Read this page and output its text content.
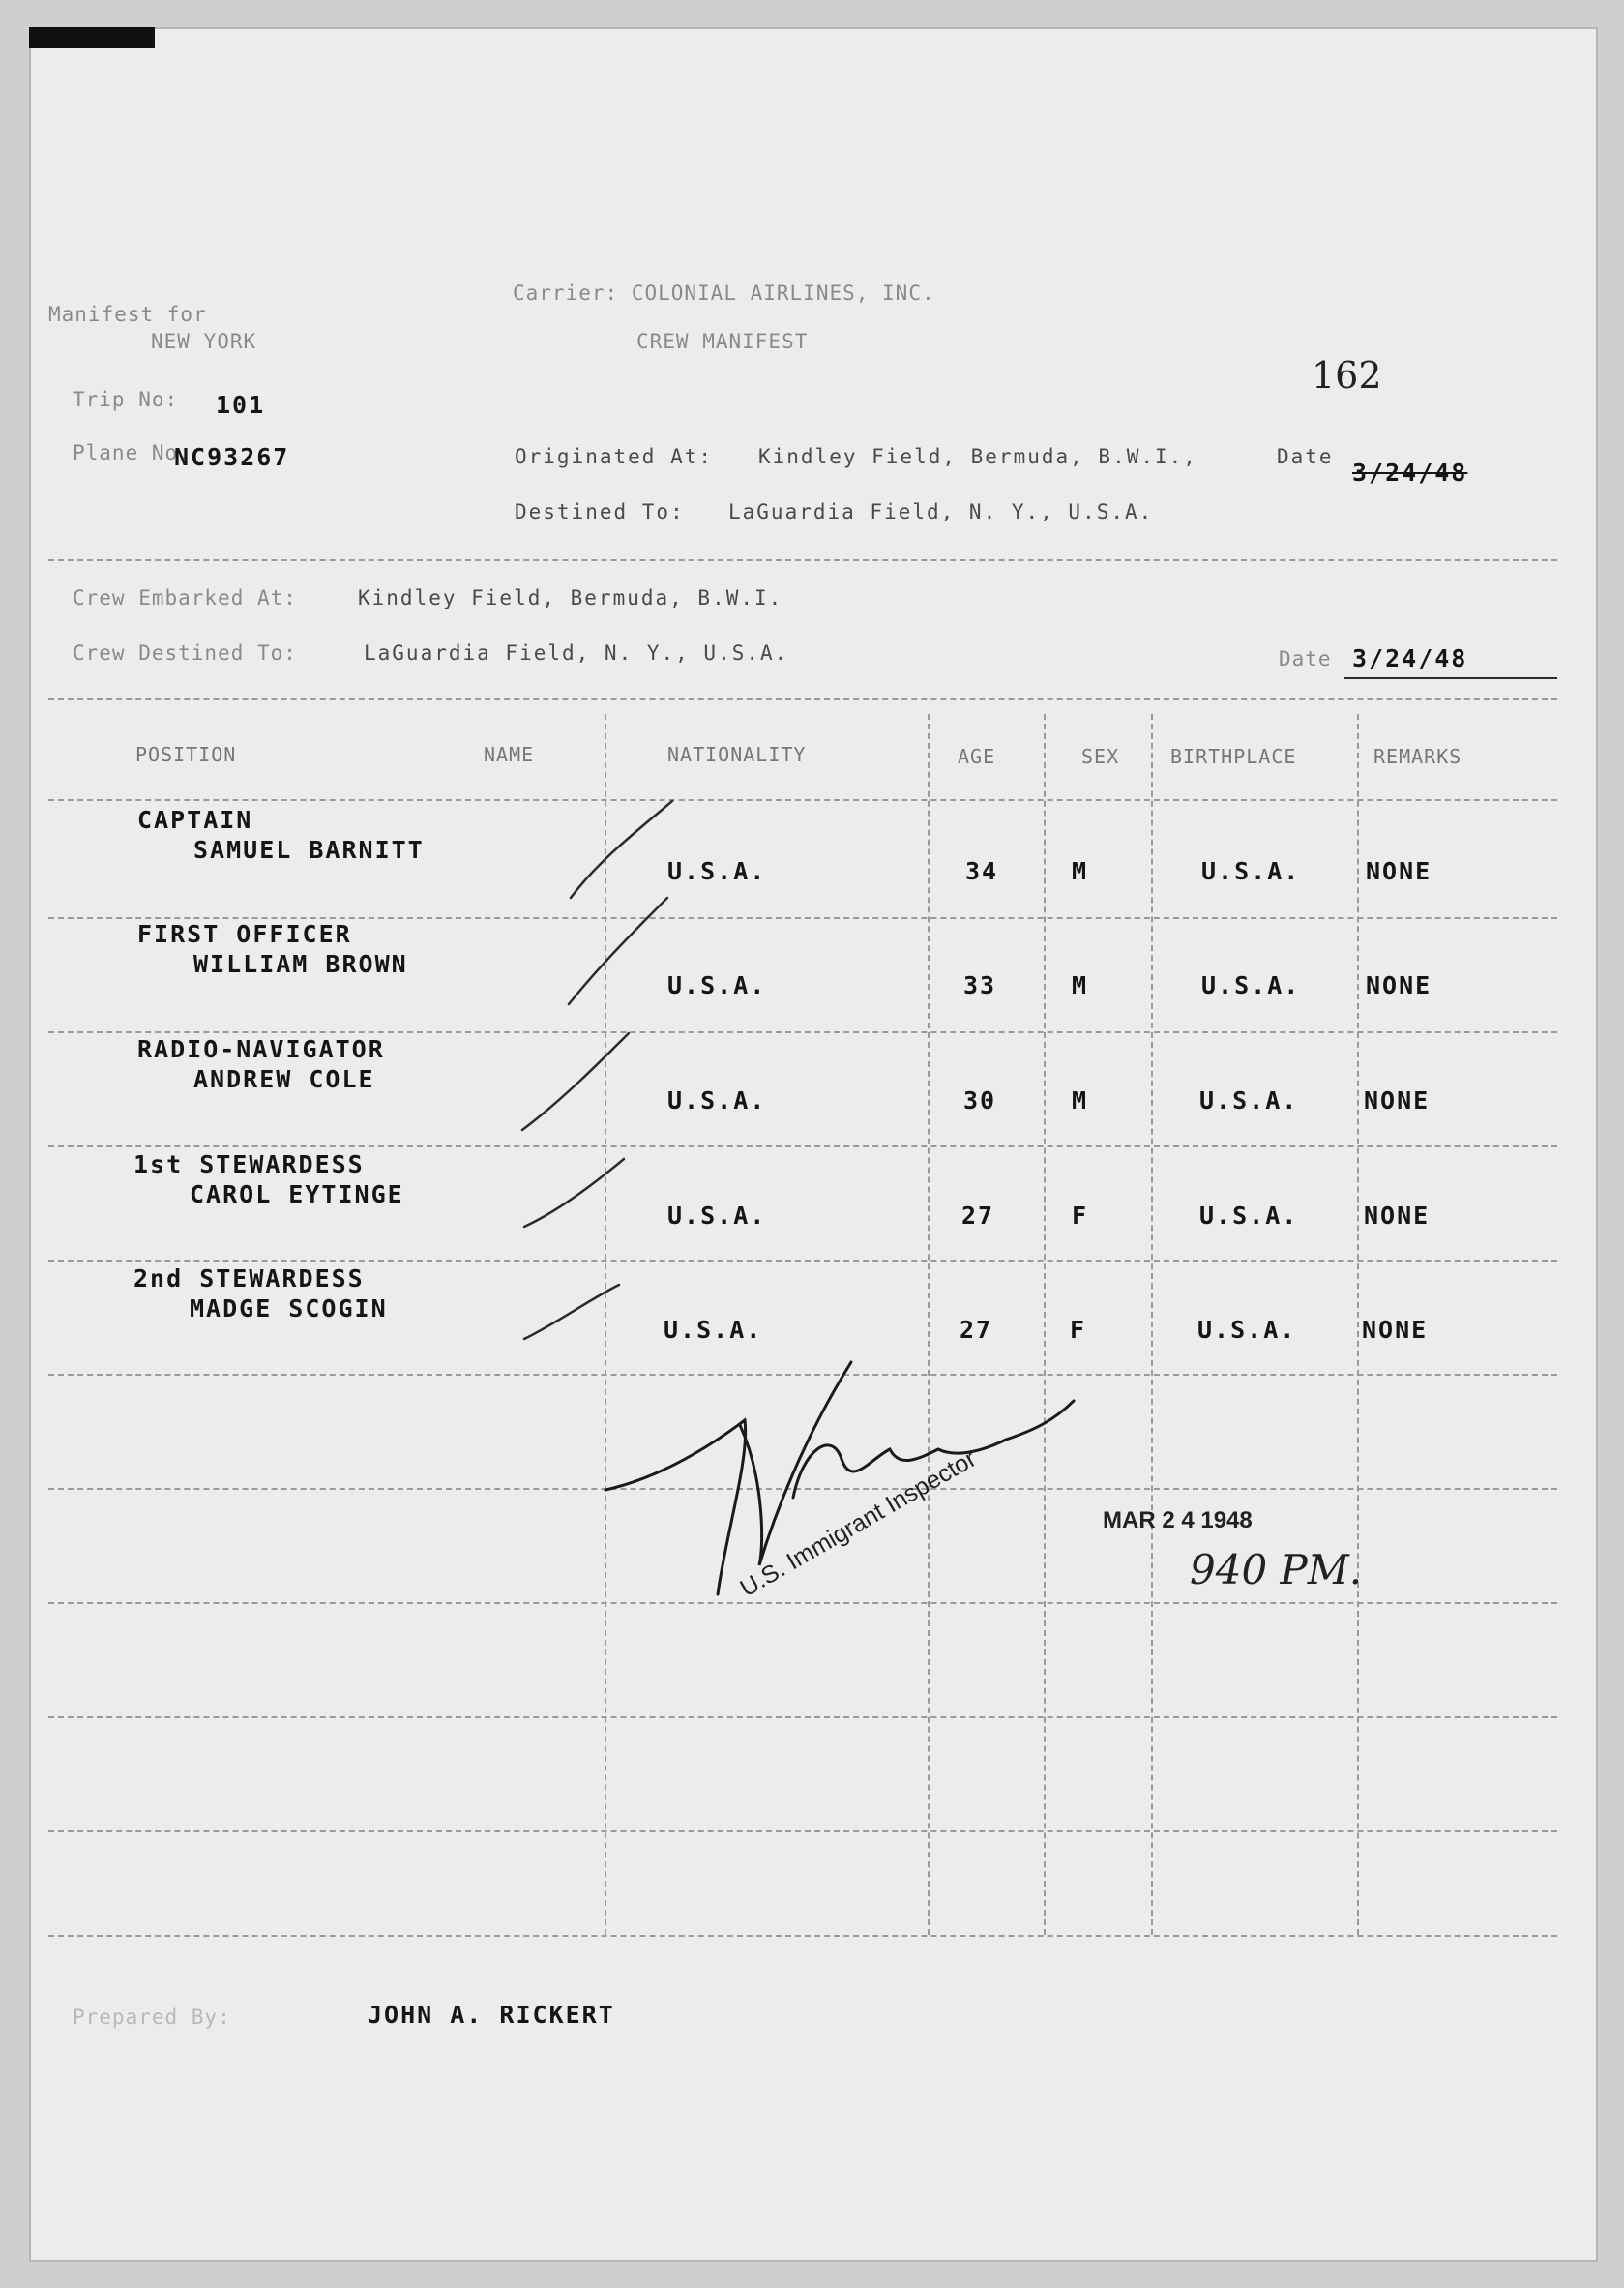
Manifest for
NEW YORK
Carrier: COLONIAL AIRLINES, INC.
CREW MANIFEST
162
Trip No: 101
Plane No.
NC93267	Originated At: Kindley Field, Bermuda, B.W.I.,	Date
3/24/48
Destined To: LaGuardia Field, N. Y., U.S.A.
Crew Embarked At:	Kindley Field, Bermuda, B.W.I.
Crew Destined To:	LaGuardia Field, N. Y., U.S.A.	Date 3/24/48
POSITION	NAME	NATIONALITY	AGE	SEX	BIRTHPLACE	REMARKS
CAPTAIN
SAMUEL BARNITT
U.S.A.	34	M	U.S.A.	NONE
FIRST OFFICER
WILLIAM BROWN
U.S.A.	33	M	U.S.A.	NONE
RADIO-NAVIGATOR
ANDREW COLE
U.S.A.	30	M	U.S.A.	NONE
1st STEWARDESS
CAROL EYTINGE
U.S.A.	27	F	U.S.A.	NONE
2nd STEWARDESS
MADGE SCOGIN
U.S.A.	27	F	U.S.A.	NONE
U.S. Immigrant Inspector	MAR 2 4 1948
940 PM.
Prepared By:	JOHN A. RICKERT
